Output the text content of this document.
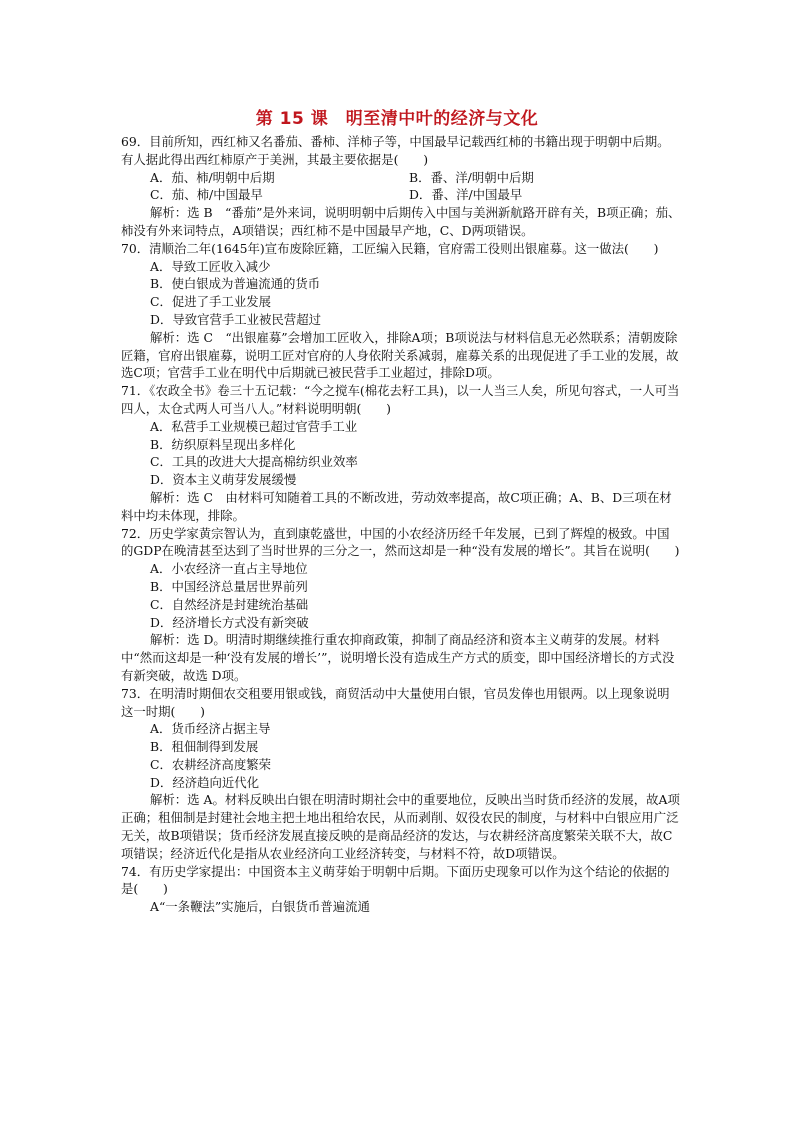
第 15 课　明至清中叶的经济与文化

69．目前所知，西红柿又名番茄、番柿、洋柿子等，中国最早记载西红柿的书籍出现于明朝中后期。有人据此得出西红柿原产于美洲，其最主要依据是(　　)

A．茄、柿/明朝中后期	B．番、洋/明朝中后期
C．茄、柿/中国最早	D．番、洋/中国最早

解析：选 B　“番茄”是外来词，说明明朝中后期传入中国与美洲新航路开辟有关，B项正确；茄、柿没有外来词特点，A项错误；西红柿不是中国最早产地，C、D两项错误。

70．清顺治二年(1645年)宣布废除匠籍，工匠编入民籍，官府需工役则出银雇募。这一做法(　　)

A．导致工匠收入减少

B．使白银成为普遍流通的货币

C．促进了手工业发展

D．导致官营手工业被民营超过

解析：选 C　“出银雇募”会增加工匠收入，排除A项；B项说法与材料信息无必然联系；清朝废除匠籍，官府出银雇募，说明工匠对官府的人身依附关系减弱，雇募关系的出现促进了手工业的发展，故选C项；官营手工业在明代中后期就已被民营手工业超过，排除D项。

71．《农政全书》卷三十五记载：“今之搅车(棉花去籽工具)，以一人当三人矣，所见句容式，一人可当四人，太仓式两人可当八人。”材料说明明朝(　　)

A．私营手工业规模已超过官营手工业

B．纺织原料呈现出多样化

C．工具的改进大大提高棉纺织业效率

D．资本主义萌芽发展缓慢

解析：选 C　由材料可知随着工具的不断改进，劳动效率提高，故C项正确；A、B、D三项在材料中均未体现，排除。

72．历史学家黄宗智认为，直到康乾盛世，中国的小农经济历经千年发展，已到了辉煌的极致。中国的GDP在晚清甚至达到了当时世界的三分之一，然而这却是一种“没有发展的增长”。其旨在说明(　　)

A．小农经济一直占主导地位

B．中国经济总量居世界前列

C．自然经济是封建统治基础

D．经济增长方式没有新突破

解析：选 D。明清时期继续推行重农抑商政策，抑制了商品经济和资本主义萌芽的发展。材料中“然而这却是一种‘没有发展的增长’”，说明增长没有造成生产方式的质变，即中国经济增长的方式没有新突破，故选 D项。

73．在明清时期佃农交租要用银或钱，商贸活动中大量使用白银，官员发俸也用银两。以上现象说明这一时期(　　)

A．货币经济占据主导

B．租佃制得到发展

C．农耕经济高度繁荣

D．经济趋向近代化

解析：选 A。材料反映出白银在明清时期社会中的重要地位，反映出当时货币经济的发展，故A项正确；租佃制是封建社会地主把土地出租给农民，从而剥削、奴役农民的制度，与材料中白银应用广泛无关，故B项错误；货币经济发展直接反映的是商品经济的发达，与农耕经济高度繁荣关联不大，故C项错误；经济近代化是指从农业经济向工业经济转变，与材料不符，故D项错误。

74．有历史学家提出：中国资本主义萌芽始于明朝中后期。下面历史现象可以作为这个结论的依据的是(　　)

A“一条鞭法”实施后，白银货币普遍流通
